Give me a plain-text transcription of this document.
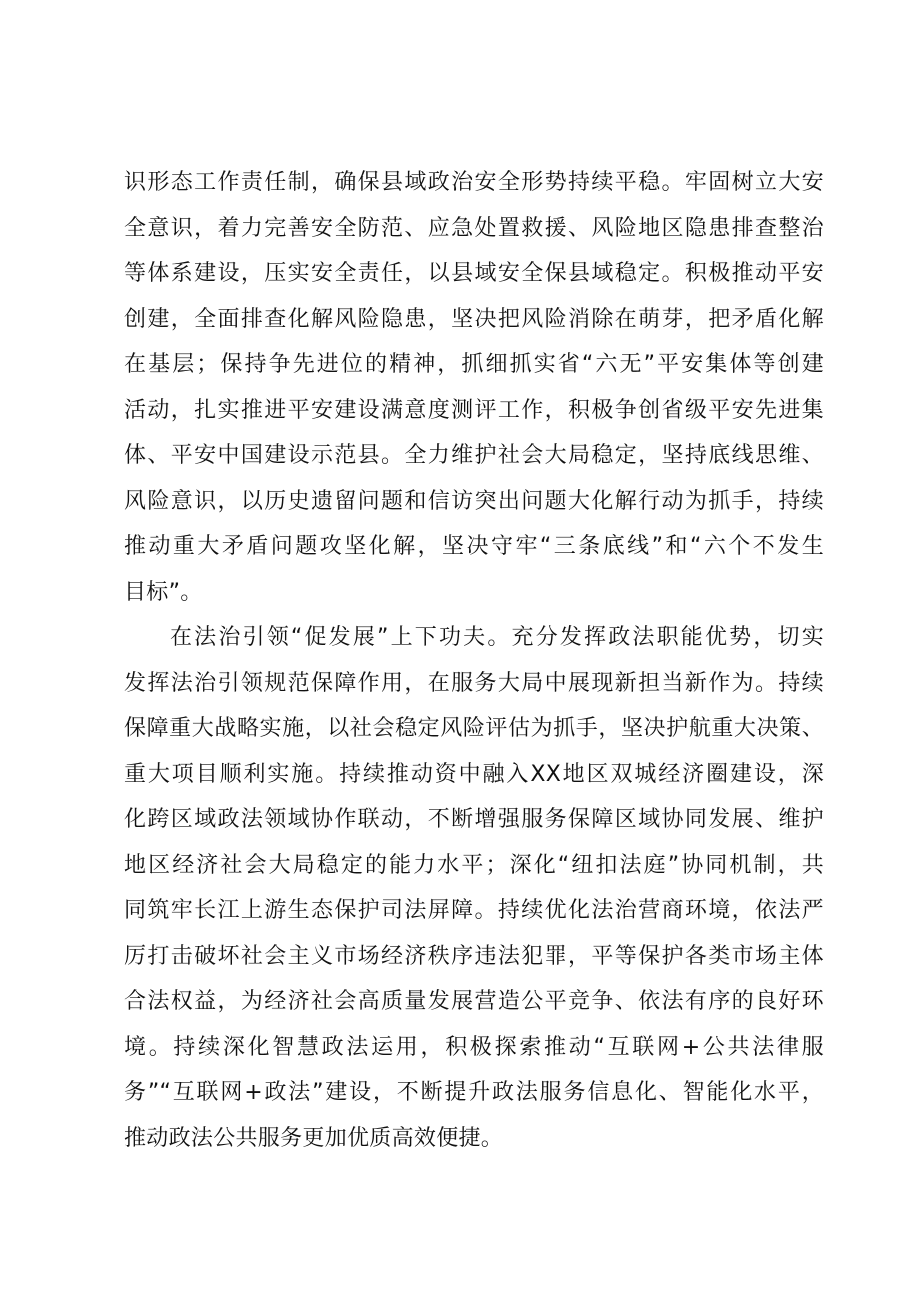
识形态工作责任制，确保县域政治安全形势持续平稳。牢固树立大安
全意识，着力完善安全防范、应急处置救援、风险地区隐患排查整治
等体系建设，压实安全责任，以县域安全保县域稳定。积极推动平安
创建，全面排查化解风险隐患，坚决把风险消除在萌芽，把矛盾化解
在基层；保持争先进位的精神，抓细抓实省“六无”平安集体等创建
活动，扎实推进平安建设满意度测评工作，积极争创省级平安先进集
体、平安中国建设示范县。全力维护社会大局稳定，坚持底线思维、
风险意识，以历史遗留问题和信访突出问题大化解行动为抓手，持续
推动重大矛盾问题攻坚化解，坚决守牢“三条底线”和“六个不发生
目标”。
在法治引领“促发展”上下功夫。充分发挥政法职能优势，切实
发挥法治引领规范保障作用，在服务大局中展现新担当新作为。持续
保障重大战略实施，以社会稳定风险评估为抓手，坚决护航重大决策、
重大项目顺利实施。持续推动资中融入XX地区双城经济圈建设，深
化跨区域政法领域协作联动，不断增强服务保障区域协同发展、维护
地区经济社会大局稳定的能力水平；深化“纽扣法庭”协同机制，共
同筑牢长江上游生态保护司法屏障。持续优化法治营商环境，依法严
厉打击破坏社会主义市场经济秩序违法犯罪，平等保护各类市场主体
合法权益，为经济社会高质量发展营造公平竞争、依法有序的良好环
境。持续深化智慧政法运用，积极探索推动“互联网+公共法律服
务”“互联网+政法”建设，不断提升政法服务信息化、智能化水平，
推动政法公共服务更加优质高效便捷。
